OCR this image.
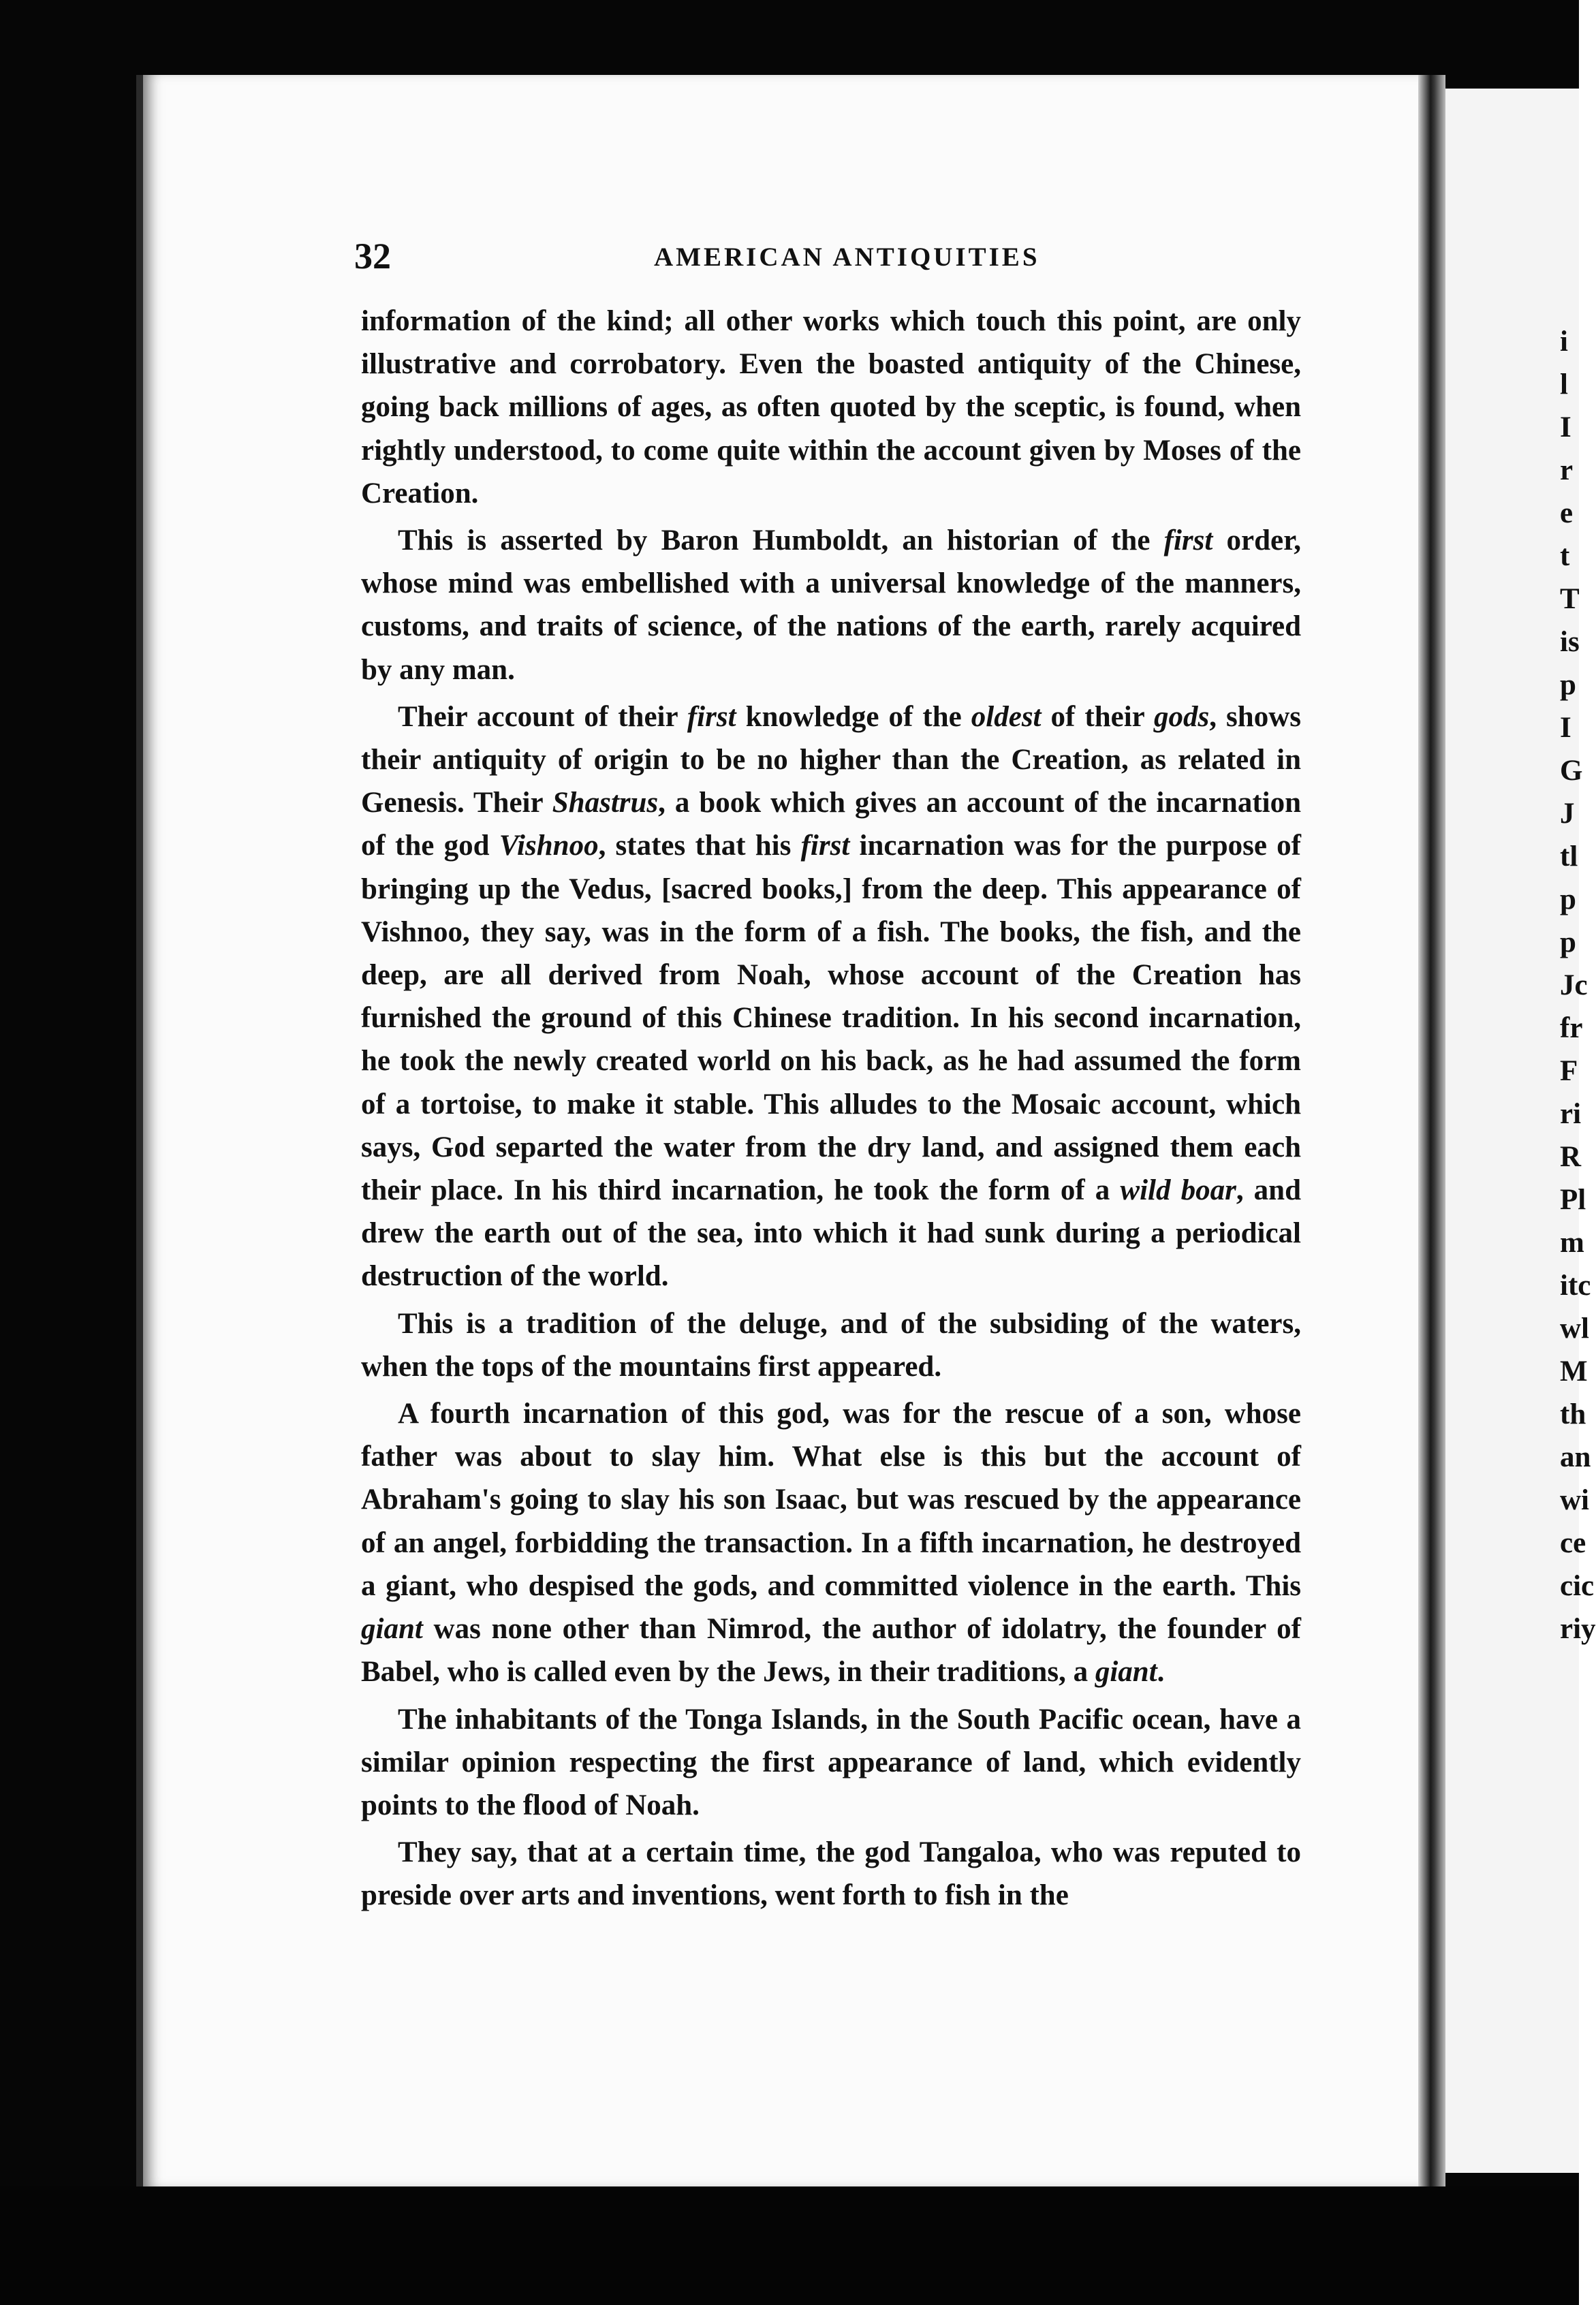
32	AMERICAN ANTIQUITIES

information of the kind; all other works which touch this point, are only illustrative and corrobatory. Even the boasted antiquity of the Chinese, going back millions of ages, as often quoted by the sceptic, is found, when rightly understood, to come quite within the account given by Moses of the Creation.

This is asserted by Baron Humboldt, an historian of the first order, whose mind was embellished with a universal knowledge of the manners, customs, and traits of science, of the nations of the earth, rarely acquired by any man.

Their account of their first knowledge of the oldest of their gods, shows their antiquity of origin to be no higher than the Creation, as related in Genesis. Their Shastrus, a book which gives an account of the incarnation of the god Vishnoo, states that his first incarnation was for the purpose of bringing up the Vedus, [sacred books,] from the deep. This appearance of Vishnoo, they say, was in the form of a fish. The books, the fish, and the deep, are all derived from Noah, whose account of the Creation has furnished the ground of this Chinese tradition. In his second incarnation, he took the newly created world on his back, as he had assumed the form of a tortoise, to make it stable. This alludes to the Mosaic account, which says, God separted the water from the dry land, and assigned them each their place. In his third incarnation, he took the form of a wild boar, and drew the earth out of the sea, into which it had sunk during a periodical destruction of the world.

This is a tradition of the deluge, and of the subsiding of the waters, when the tops of the mountains first appeared.

A fourth incarnation of this god, was for the rescue of a son, whose father was about to slay him. What else is this but the account of Abraham's going to slay his son Isaac, but was rescued by the appearance of an angel, forbidding the transaction. In a fifth incarnation, he destroyed a giant, who despised the gods, and committed violence in the earth. This giant was none other than Nimrod, the author of idolatry, the founder of Babel, who is called even by the Jews, in their traditions, a giant.

The inhabitants of the Tonga Islands, in the South Pacific ocean, have a similar opinion respecting the first appearance of land, which evidently points to the flood of Noah.

They say, that at a certain time, the god Tangaloa, who was reputed to preside over arts and inventions, went forth to fish in the

i
l
I
r
e
t
T
is
p
I
G
J
tl
p
p
Jc
fr
F
ri
R
Pl
m
itc
wl
M
th
an
wi
ce
cic
riy
